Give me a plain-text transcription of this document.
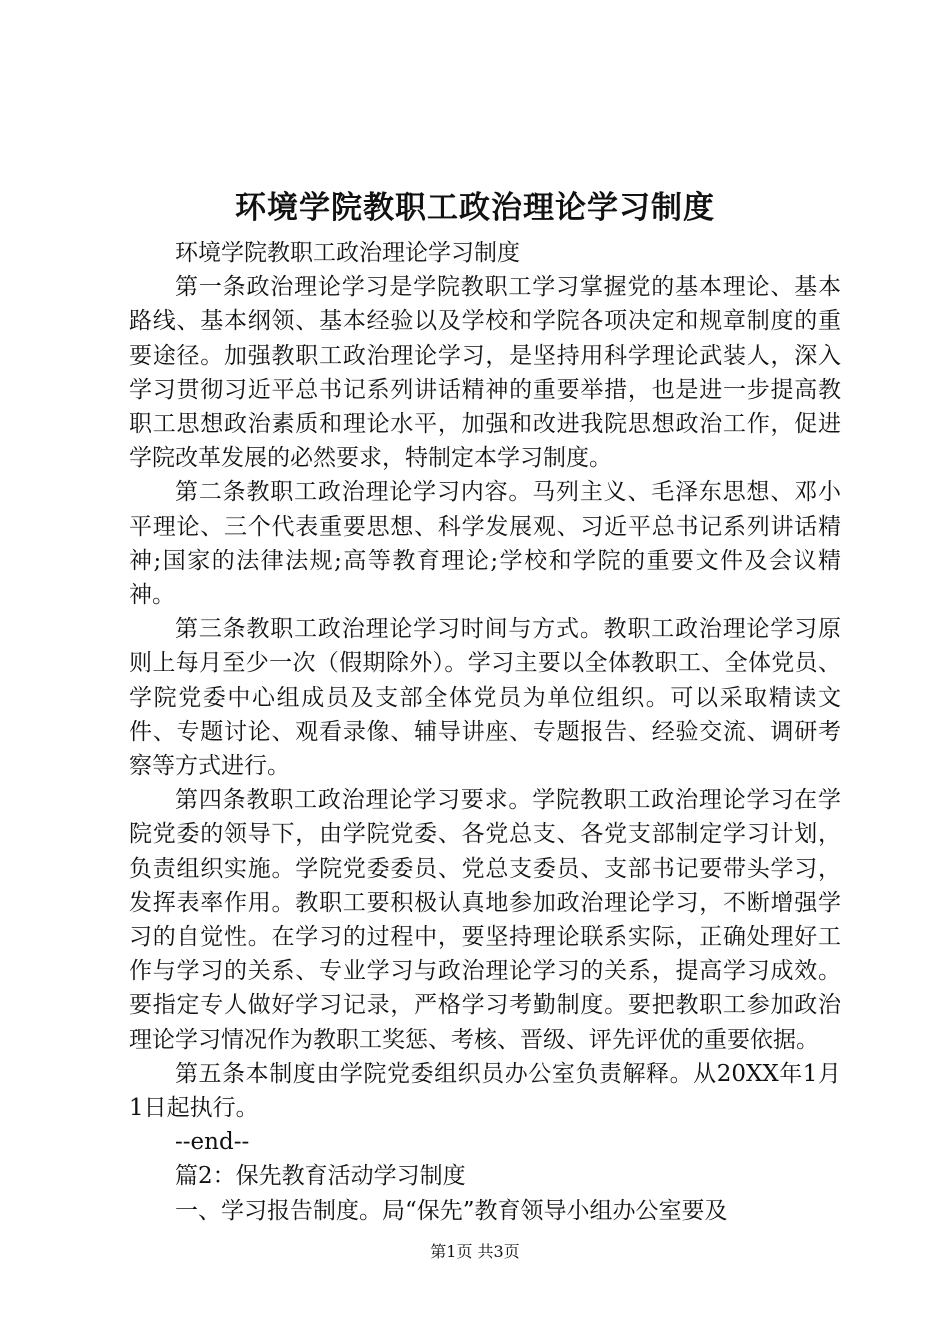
环境学院教职工政治理论学习制度

环境学院教职工政治理论学习制度

第一条政治理论学习是学院教职工学习掌握党的基本理论、基本路线、基本纲领、基本经验以及学校和学院各项决定和规章制度的重要途径。加强教职工政治理论学习，是坚持用科学理论武装人，深入学习贯彻习近平总书记系列讲话精神的重要举措，也是进一步提高教职工思想政治素质和理论水平，加强和改进我院思想政治工作，促进学院改革发展的必然要求，特制定本学习制度。

第二条教职工政治理论学习内容。马列主义、毛泽东思想、邓小平理论、三个代表重要思想、科学发展观、习近平总书记系列讲话精神;国家的法律法规;高等教育理论;学校和学院的重要文件及会议精神。

第三条教职工政治理论学习时间与方式。教职工政治理论学习原则上每月至少一次（假期除外）。学习主要以全体教职工、全体党员、学院党委中心组成员及支部全体党员为单位组织。可以采取精读文件、专题讨论、观看录像、辅导讲座、专题报告、经验交流、调研考察等方式进行。

第四条教职工政治理论学习要求。学院教职工政治理论学习在学院党委的领导下，由学院党委、各党总支、各党支部制定学习计划，负责组织实施。学院党委委员、党总支委员、支部书记要带头学习，发挥表率作用。教职工要积极认真地参加政治理论学习，不断增强学习的自觉性。在学习的过程中，要坚持理论联系实际，正确处理好工作与学习的关系、专业学习与政治理论学习的关系，提高学习成效。要指定专人做好学习记录，严格学习考勤制度。要把教职工参加政治理论学习情况作为教职工奖惩、考核、晋级、评先评优的重要依据。

第五条本制度由学院党委组织员办公室负责解释。从20XX年1月1日起执行。

--end--

篇2：保先教育活动学习制度

一、学习报告制度。局“保先”教育领导小组办公室要及

第1页 共3页
